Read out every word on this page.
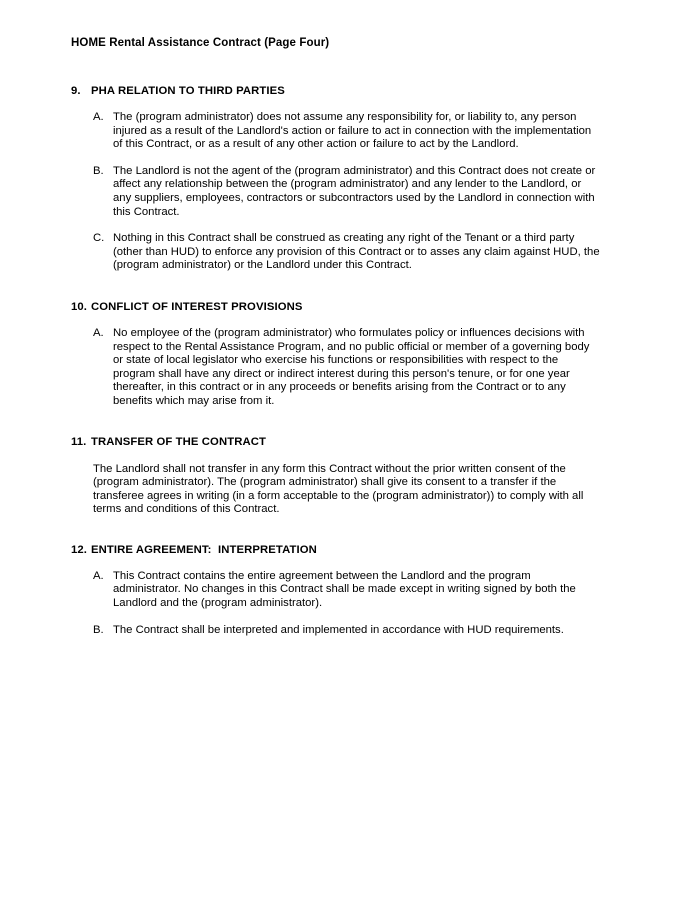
HOME Rental Assistance Contract (Page Four)
9. PHA RELATION TO THIRD PARTIES
A. The (program administrator) does not assume any responsibility for, or liability to, any person injured as a result of the Landlord's action or failure to act in connection with the implementation of this Contract, or as a result of any other action or failure to act by the Landlord.
B. The Landlord is not the agent of the (program administrator) and this Contract does not create or affect any relationship between the (program administrator) and any lender to the Landlord, or any suppliers, employees, contractors or subcontractors used by the Landlord in connection with this Contract.
C. Nothing in this Contract shall be construed as creating any right of the Tenant or a third party (other than HUD) to enforce any provision of this Contract or to asses any claim against HUD, the (program administrator) or the Landlord under this Contract.
10. CONFLICT OF INTEREST PROVISIONS
A. No employee of the (program administrator) who formulates policy or influences decisions with respect to the Rental Assistance Program, and no public official or member of a governing body or state of local legislator who exercise his functions or responsibilities with respect to the program shall have any direct or indirect interest during this person's tenure, or for one year thereafter, in this contract or in any proceeds or benefits arising from the Contract or to any benefits which may arise from it.
11. TRANSFER OF THE CONTRACT
The Landlord shall not transfer in any form this Contract without the prior written consent of the (program administrator). The (program administrator) shall give its consent to a transfer if the transferee agrees in writing (in a form acceptable to the (program administrator)) to comply with all terms and conditions of this Contract.
12. ENTIRE AGREEMENT:  INTERPRETATION
A. This Contract contains the entire agreement between the Landlord and the program administrator. No changes in this Contract shall be made except in writing signed by both the Landlord and the (program administrator).
B. The Contract shall be interpreted and implemented in accordance with HUD requirements.
